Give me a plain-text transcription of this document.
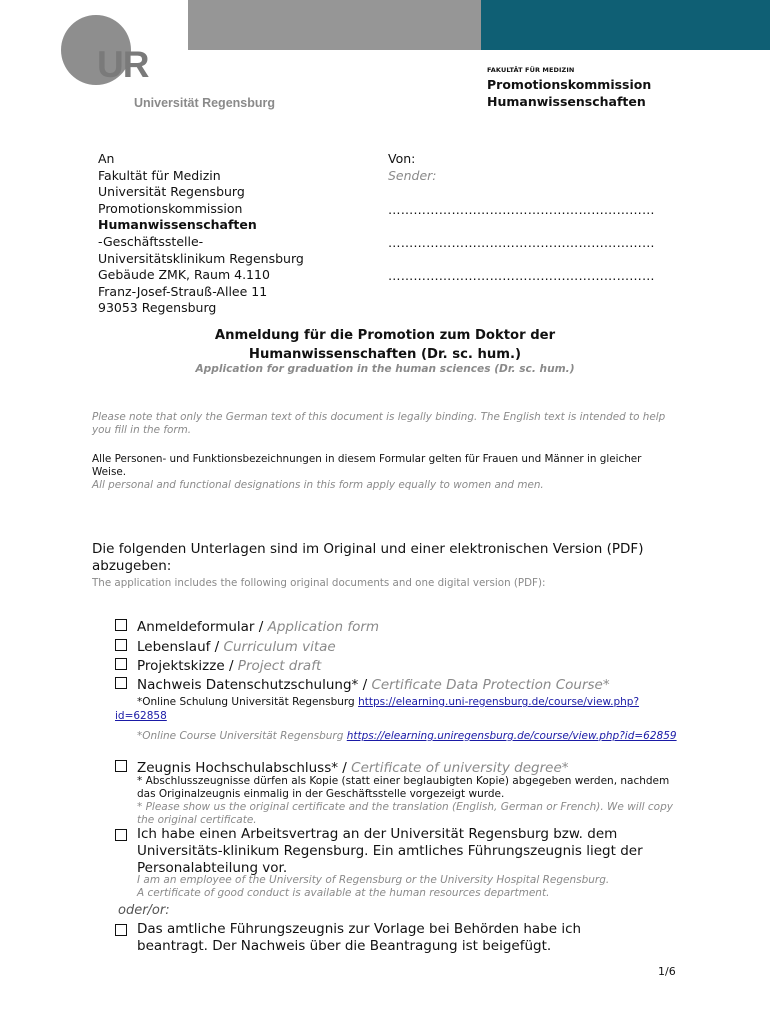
UR
Universität Regensburg
FAKULTÄT FÜR MEDIZIN
Promotionskommission
Humanwissenschaften
An
Fakultät für Medizin
Universität Regensburg
Promotionskommission
Humanwissenschaften
-Geschäftsstelle-
Universitätsklinikum Regensburg
Gebäude ZMK, Raum 4.110
Franz-Josef-Strauß-Allee 11
93053 Regensburg
Von:
Sender:
………………………………………………………
………………………………………………………
………………………………………………………
Anmeldung für die Promotion zum Doktor der
Humanwissenschaften (Dr. sc. hum.)
Application for graduation in the human sciences (Dr. sc. hum.)
Please note that only the German text of this document is legally binding. The English text is intended to help you fill in the form.
Alle Personen- und Funktionsbezeichnungen in diesem Formular gelten für Frauen und Männer in gleicher Weise.
All personal and functional designations in this form apply equally to women and men.
Die folgenden Unterlagen sind im Original und einer elektronischen Version (PDF) abzugeben:
The application includes the following original documents and one digital version (PDF):
Anmeldeformular / Application form
Lebenslauf / Curriculum vitae
Projektskizze / Project draft
Nachweis Datenschutzschulung* / Certificate Data Protection Course*
*Online Schulung Universität Regensburg https://elearning.uni-regensburg.de/course/view.php?id=62858
*Online Course Universität Regensburg https://elearning.uniregensburg.de/course/view.php?id=62859
Zeugnis Hochschulabschluss* / Certificate of university degree*
* Abschlusszeugnisse dürfen als Kopie (statt einer beglaubigten Kopie) abgegeben werden, nachdem das Originalzeugnis einmalig in der Geschäftsstelle vorgezeigt wurde.
* Please show us the original certificate and the translation (English, German or French). We will copy the original certificate.
Ich habe einen Arbeitsvertrag an der Universität Regensburg bzw. dem Universitäts-klinikum Regensburg. Ein amtliches Führungszeugnis liegt der Personalabteilung vor.
I am an employee of the University of Regensburg or the University Hospital Regensburg.
A certificate of good conduct is available at the human resources department.
oder/or:
Das amtliche Führungszeugnis zur Vorlage bei Behörden habe ich beantragt. Der Nachweis über die Beantragung ist beigefügt.
1/6
